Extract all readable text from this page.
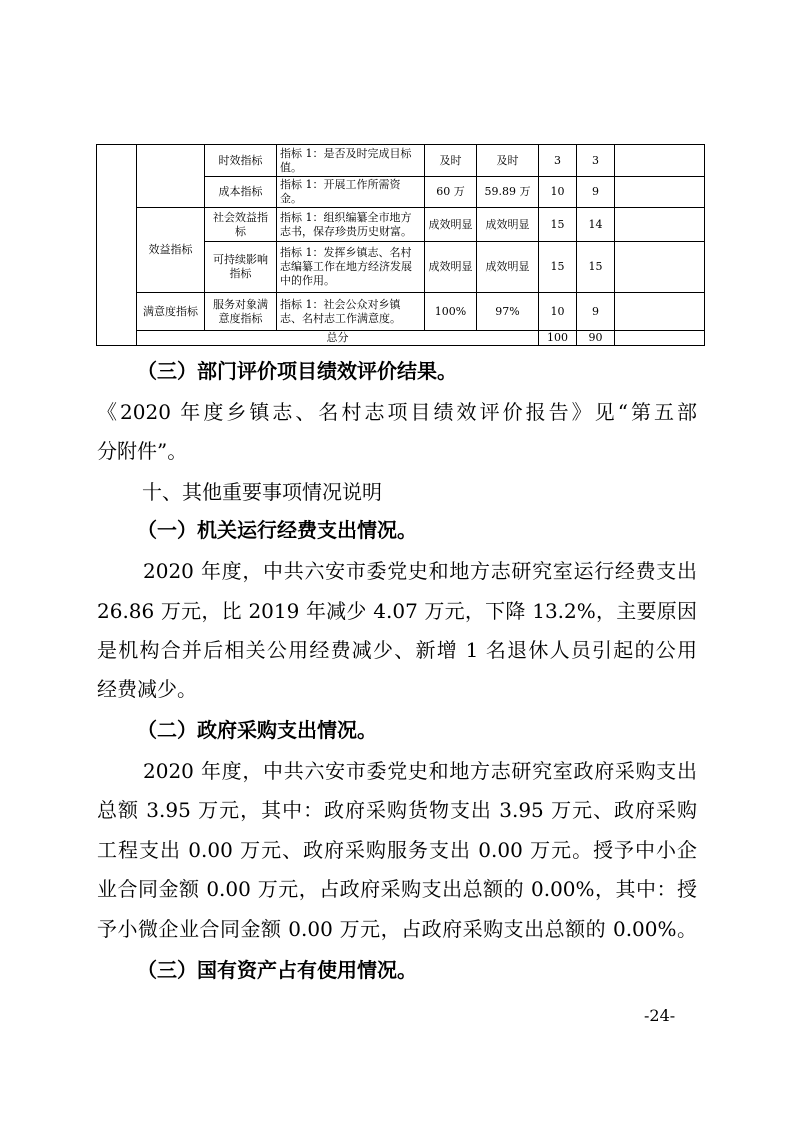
		时效指标	指标 1：是否及时完成目标值。	及时	及时	3	3	
		成本指标	指标 1：开展工作所需资金。	60 万	59.89 万	10	9	
	效益指标	社会效益指标	指标 1：组织编纂全市地方志书，保存珍贵历史财富。	成效明显	成效明显	15	14	
		可持续影响指标	指标 1：发挥乡镇志、名村志编纂工作在地方经济发展中的作用。	成效明显	成效明显	15	15	
	满意度指标	服务对象满意度指标	指标 1：社会公众对乡镇志、名村志工作满意度。	100%	97%	10	9	
	总分					100	90	
（三）部门评价项目绩效评价结果。
《2020 年度乡镇志、名村志项目绩效评价报告》见“第五部
分附件”。
十、其他重要事项情况说明
（一）机关运行经费支出情况。
2020 年度，中共六安市委党史和地方志研究室运行经费支出
26.86 万元，比 2019 年减少 4.07 万元，下降 13.2%，主要原因
是机构合并后相关公用经费减少、新增 1 名退休人员引起的公用
经费减少。
（二）政府采购支出情况。
2020 年度，中共六安市委党史和地方志研究室政府采购支出
总额 3.95 万元，其中：政府采购货物支出 3.95 万元、政府采购
工程支出 0.00 万元、政府采购服务支出 0.00 万元。授予中小企
业合同金额 0.00 万元，占政府采购支出总额的 0.00%，其中：授
予小微企业合同金额 0.00 万元，占政府采购支出总额的 0.00%。
（三）国有资产占有使用情况。
-24-
